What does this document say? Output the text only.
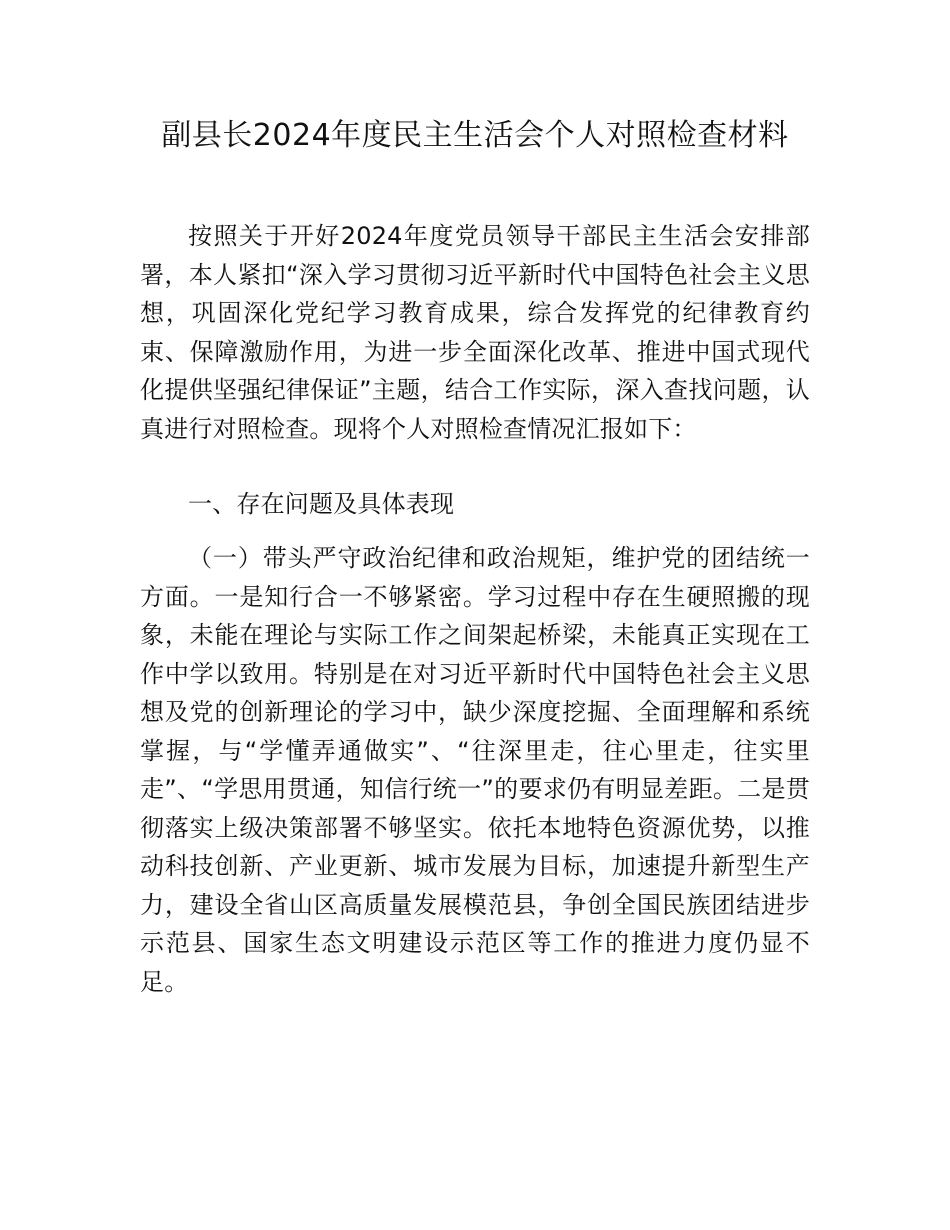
副县长2024年度民主生活会个人对照检查材料

按照关于开好2024年度党员领导干部民主生活会安排部署，本人紧扣“深入学习贯彻习近平新时代中国特色社会主义思想，巩固深化党纪学习教育成果，综合发挥党的纪律教育约束、保障激励作用，为进一步全面深化改革、推进中国式现代化提供坚强纪律保证”主题，结合工作实际，深入查找问题，认真进行对照检查。现将个人对照检查情况汇报如下：

一、存在问题及具体表现

（一）带头严守政治纪律和政治规矩，维护党的团结统一方面。一是知行合一不够紧密。学习过程中存在生硬照搬的现象，未能在理论与实际工作之间架起桥梁，未能真正实现在工作中学以致用。特别是在对习近平新时代中国特色社会主义思想及党的创新理论的学习中，缺少深度挖掘、全面理解和系统掌握，与“学懂弄通做实”、“往深里走，往心里走，往实里走”、“学思用贯通，知信行统一”的要求仍有明显差距。二是贯彻落实上级决策部署不够坚实。依托本地特色资源优势，以推动科技创新、产业更新、城市发展为目标，加速提升新型生产力，建设全省山区高质量发展模范县，争创全国民族团结进步示范县、国家生态文明建设示范区等工作的推进力度仍显不足。
